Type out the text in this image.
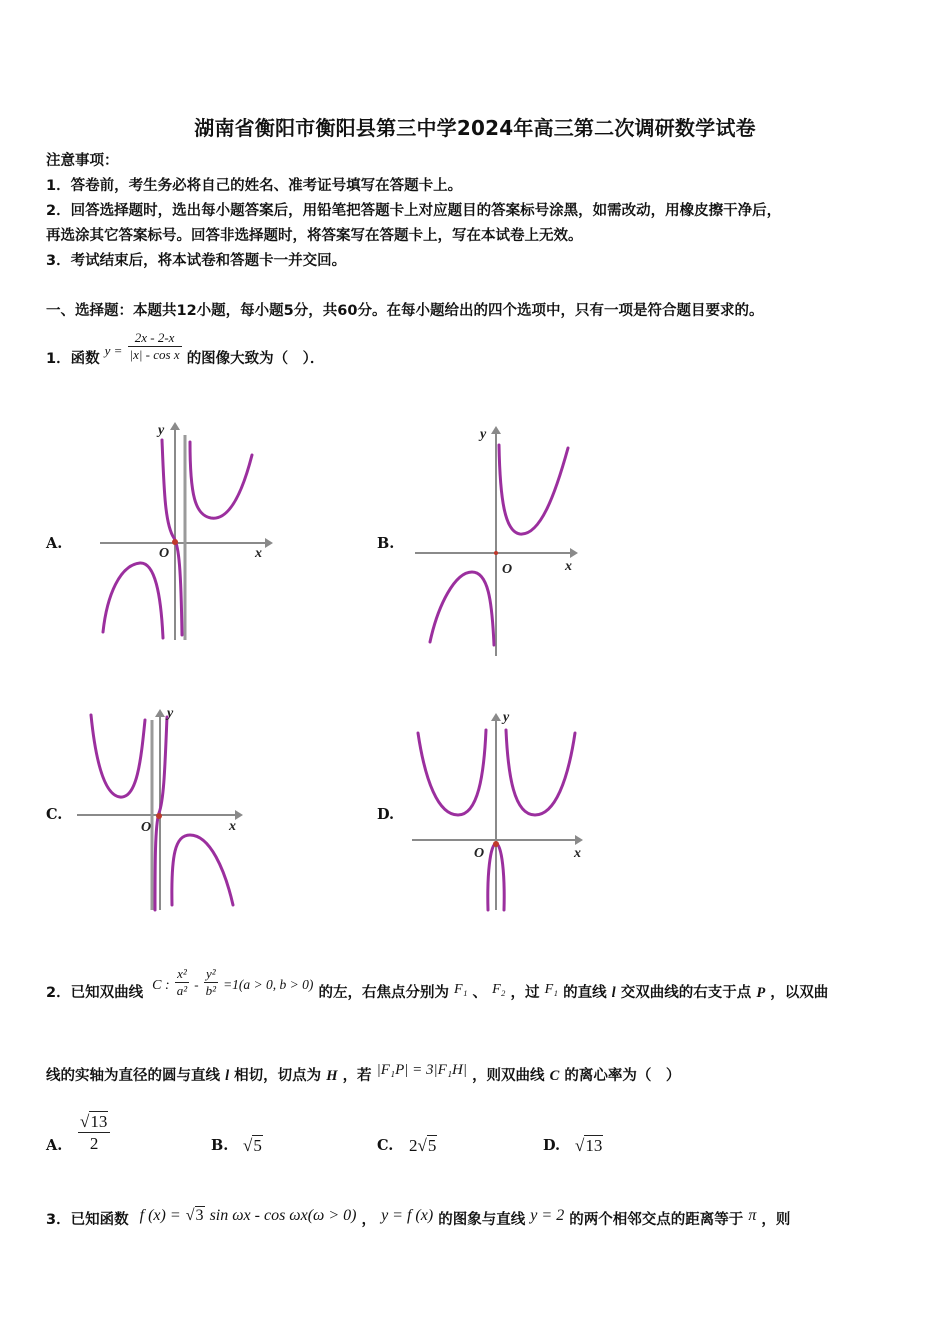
湖南省衡阳市衡阳县第三中学2024年高三第二次调研数学试卷
注意事项：
1．答卷前，考生务必将自己的姓名、准考证号填写在答题卡上。
2．回答选择题时，选出每小题答案后，用铅笔把答题卡上对应题目的答案标号涂黑，如需改动，用橡皮擦干净后，
再选涂其它答案标号。回答非选择题时，将答案写在答题卡上，写在本试卷上无效。
3．考试结束后，将本试卷和答题卡一并交回。
一、选择题：本题共12小题，每小题5分，共60分。在每小题给出的四个选项中，只有一项是符合题目要求的。
1．函数 $y = \frac{2x - 2-x}{\text{|x| - cos x}}$ 的图像大致为（　）．
A.	B.
C.	D.
O	x
y
O	x
y
O	x
y
O	x
y
2．已知双曲线 C : $\frac{\text{x²}}{\text{a²}} - \frac{\text{y²}}{\text{b²}} =1(a > 0$, b > 0) 的左，右焦点分别为 F₁ 、 F₂ ，过 F₁ 的直线 l 交双曲线的右支于点 P ，以双曲
线的实轴为直径的圆与直线 l 相切，切点为 H ，若 |F₁P| = 3|F₁H| ，则双曲线 C 的离心率为（　）
A. $\frac{√13}{2}$	B. √5	C. 2√5	D. √13
3．已知函数 f (x) = √3 sin ωx - cos ωx(ω > 0) ， y = f (x) 的图象与直线 y = 2 的两个相邻交点的距离等于 π ，则
